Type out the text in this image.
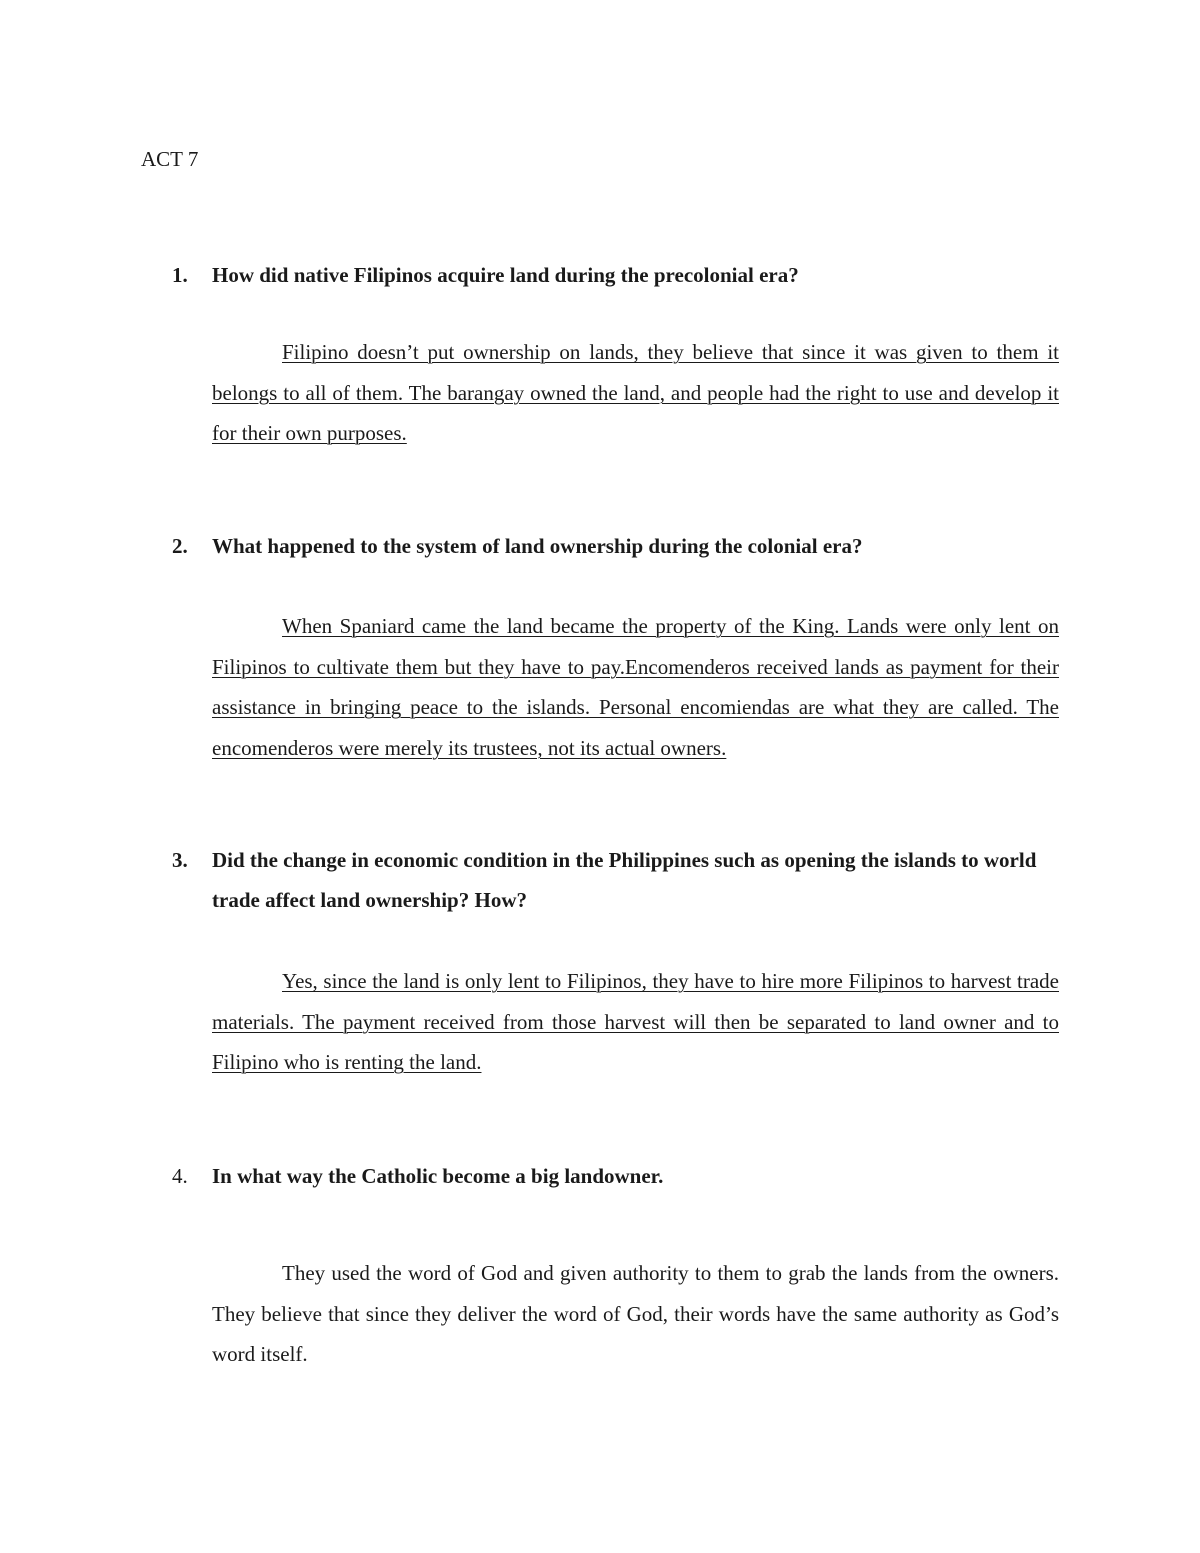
ACT 7
1.	How did native Filipinos acquire land during the precolonial era?
Filipino doesn’t put ownership on lands, they believe that since it was given to them it belongs to all of them. The barangay owned the land, and people had the right to use and develop it for their own purposes.
2.	What happened to the system of land ownership during the colonial era?
When Spaniard came the land became the property of the King. Lands were only lent on Filipinos to cultivate them but they have to pay.Encomenderos received lands as payment for their assistance in bringing peace to the islands. Personal encomiendas are what they are called. The encomenderos were merely its trustees, not its actual owners.
3.	Did the change in economic condition in the Philippines such as opening the islands to world trade affect land ownership? How?
Yes, since the land is only lent to Filipinos, they have to hire more Filipinos to harvest trade materials. The payment received from those harvest will then be separated to land owner and to Filipino who is renting the land.
4.	In what way the Catholic become a big landowner.
They used the word of God and given authority to them to grab the lands from the owners. They believe that since they deliver the word of God, their words have the same authority as God’s word itself.
